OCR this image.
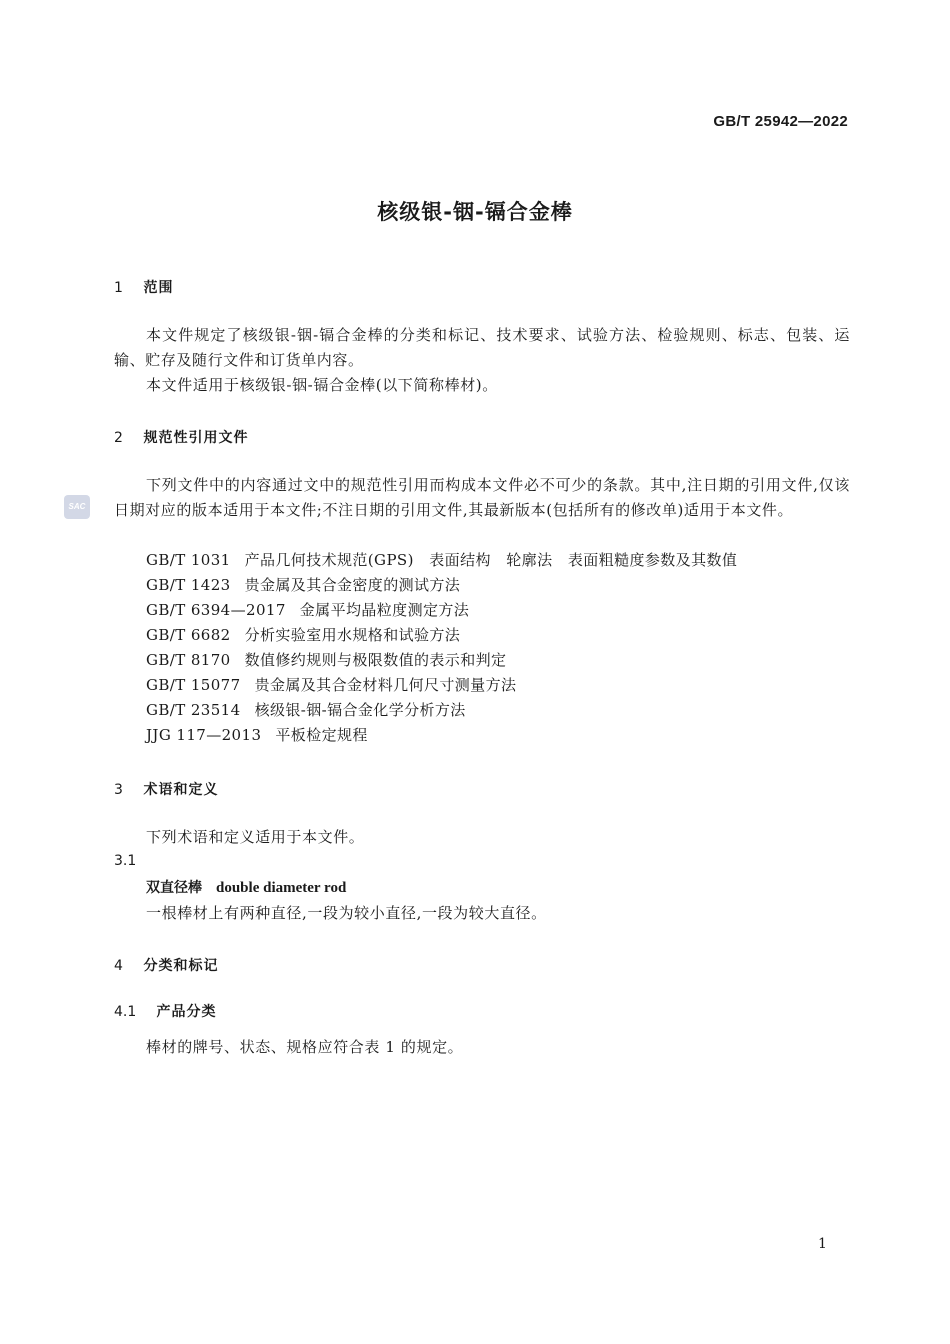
GB/T 25942—2022
核级银-铟-镉合金棒
SAC
1 范围
本文件规定了核级银-铟-镉合金棒的分类和标记、技术要求、试验方法、检验规则、标志、包装、运输、贮存及随行文件和订货单内容。
本文件适用于核级银-铟-镉合金棒(以下简称棒材)。
2 规范性引用文件
下列文件中的内容通过文中的规范性引用而构成本文件必不可少的条款。其中,注日期的引用文件,仅该日期对应的版本适用于本文件;不注日期的引用文件,其最新版本(包括所有的修改单)适用于本文件。
GB/T 1031 产品几何技术规范(GPS)　表面结构　轮廓法　表面粗糙度参数及其数值
GB/T 1423 贵金属及其合金密度的测试方法
GB/T 6394—2017 金属平均晶粒度测定方法
GB/T 6682 分析实验室用水规格和试验方法
GB/T 8170 数值修约规则与极限数值的表示和判定
GB/T 15077 贵金属及其合金材料几何尺寸测量方法
GB/T 23514 核级银-铟-镉合金化学分析方法
JJG 117—2013 平板检定规程
3 术语和定义
下列术语和定义适用于本文件。
3.1
双直径棒 double diameter rod
一根棒材上有两种直径,一段为较小直径,一段为较大直径。
4 分类和标记
4.1 产品分类
棒材的牌号、状态、规格应符合表 1 的规定。
1
